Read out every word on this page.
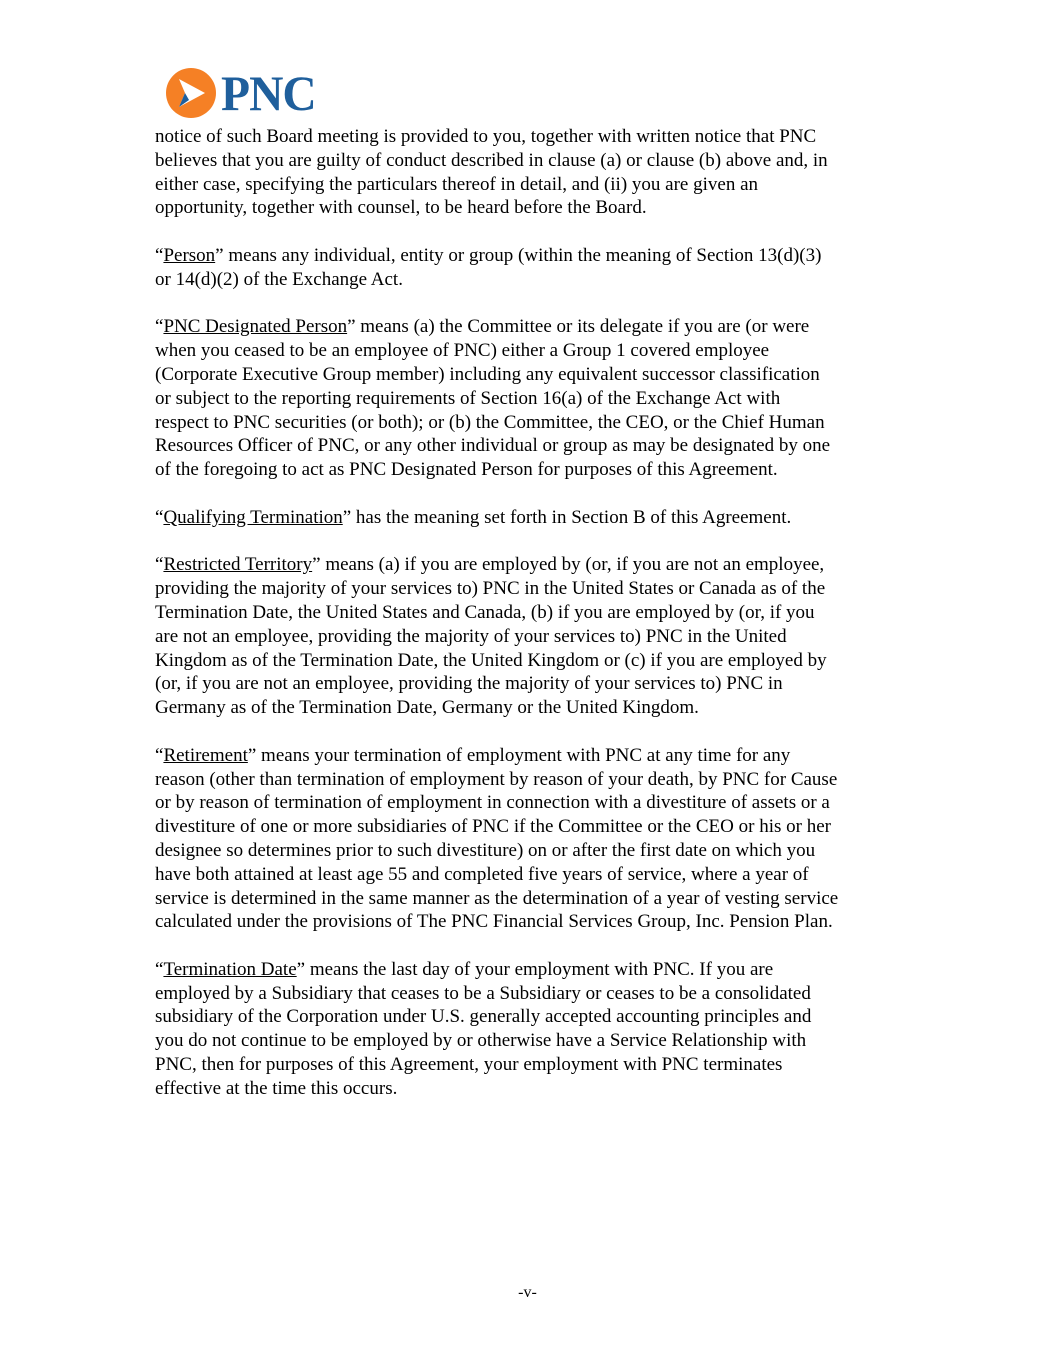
PNC

notice of such Board meeting is provided to you, together with written notice that PNC
believes that you are guilty of conduct described in clause (a) or clause (b) above and, in
either case, specifying the particulars thereof in detail, and (ii) you are given an
opportunity, together with counsel, to be heard before the Board.

“Person” means any individual, entity or group (within the meaning of Section 13(d)(3)
or 14(d)(2) of the Exchange Act.

“PNC Designated Person” means (a) the Committee or its delegate if you are (or were
when you ceased to be an employee of PNC) either a Group 1 covered employee
(Corporate Executive Group member) including any equivalent successor classification
or subject to the reporting requirements of Section 16(a) of the Exchange Act with
respect to PNC securities (or both); or (b) the Committee, the CEO, or the Chief Human
Resources Officer of PNC, or any other individual or group as may be designated by one
of the foregoing to act as PNC Designated Person for purposes of this Agreement.

“Qualifying Termination” has the meaning set forth in Section B of this Agreement.

“Restricted Territory” means (a) if you are employed by (or, if you are not an employee,
providing the majority of your services to) PNC in the United States or Canada as of the
Termination Date, the United States and Canada, (b) if you are employed by (or, if you
are not an employee, providing the majority of your services to) PNC in the United
Kingdom as of the Termination Date, the United Kingdom or (c) if you are employed by
(or, if you are not an employee, providing the majority of your services to) PNC in
Germany as of the Termination Date, Germany or the United Kingdom.

“Retirement” means your termination of employment with PNC at any time for any
reason (other than termination of employment by reason of your death, by PNC for Cause
or by reason of termination of employment in connection with a divestiture of assets or a
divestiture of one or more subsidiaries of PNC if the Committee or the CEO or his or her
designee so determines prior to such divestiture) on or after the first date on which you
have both attained at least age 55 and completed five years of service, where a year of
service is determined in the same manner as the determination of a year of vesting service
calculated under the provisions of The PNC Financial Services Group, Inc. Pension Plan.

“Termination Date” means the last day of your employment with PNC. If you are
employed by a Subsidiary that ceases to be a Subsidiary or ceases to be a consolidated
subsidiary of the Corporation under U.S. generally accepted accounting principles and
you do not continue to be employed by or otherwise have a Service Relationship with
PNC, then for purposes of this Agreement, your employment with PNC terminates
effective at the time this occurs.

-v-
